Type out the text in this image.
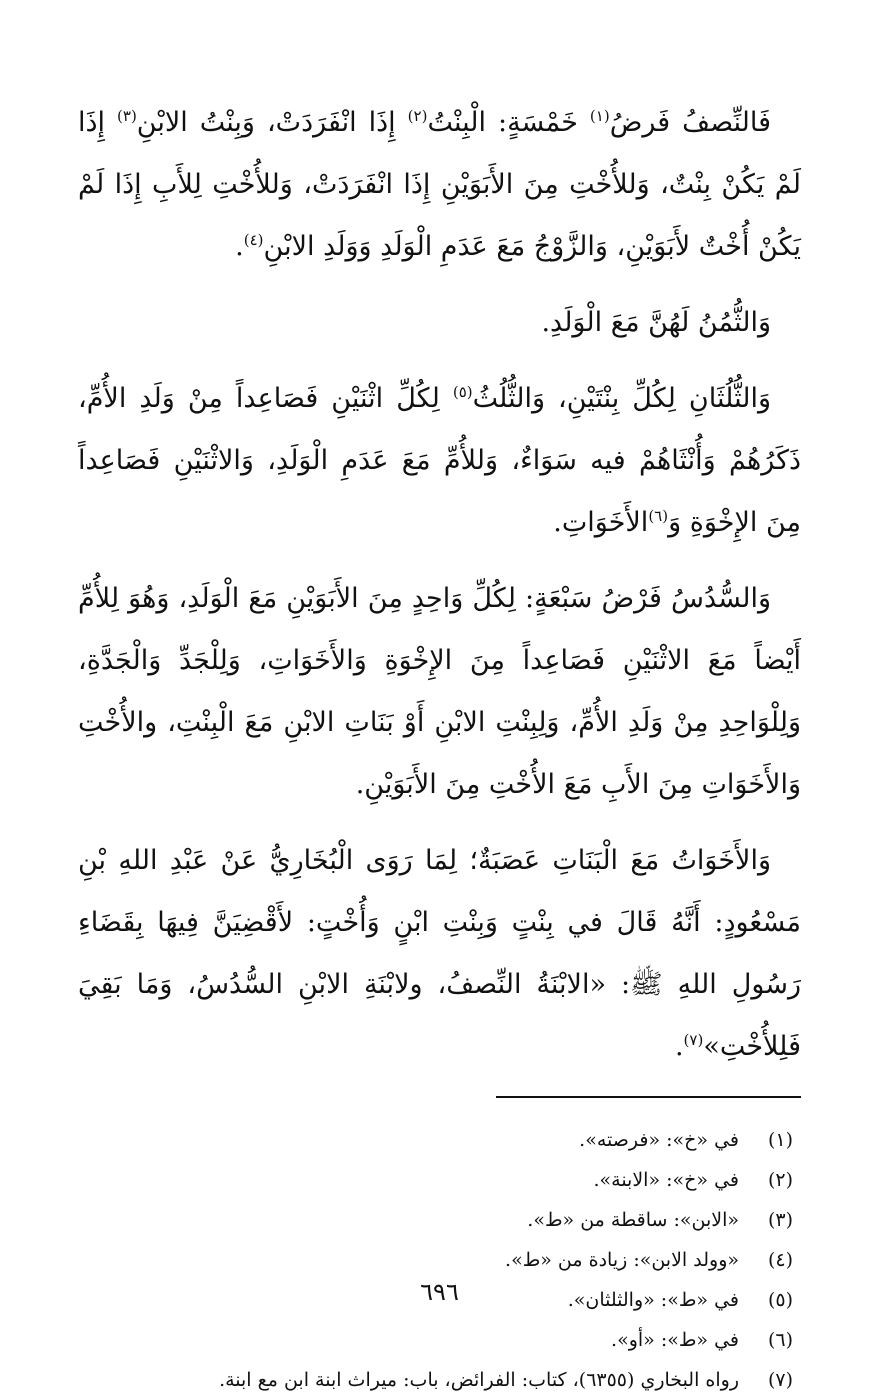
فَالنِّصفُ فَرضُ$^{(١)}$ خَمْسَةٍ: الْبِنْتُ$^{(٢)}$ إِذَا انْفَرَدَتْ، وَبِنْتُ الابْنِ$^{(٣)}$ إِذَا لَمْ يَكُنْ بِنْتٌ، وَللأُخْتِ مِنَ الأَبَوَيْنِ إِذَا انْفَرَدَتْ، وَللأُخْتِ لِلأَبِ إِذَا لَمْ يَكُنْ أُخْتٌ لأَبَوَيْنِ، وَالزَّوْجُ مَعَ عَدَمِ الْوَلَدِ وَوَلَدِ الابْنِ$^{(٤)}$.

وَالثُّمُنُ لَهُنَّ مَعَ الْوَلَدِ.

وَالثُّلُثَانِ لِكُلِّ بِنْتَيْنِ، وَالثُّلُثُ$^{(٥)}$ لِكُلِّ اثْنَيْنِ فَصَاعِداً مِنْ وَلَدِ الأُمِّ، ذَكَرُهُمْ وَأُنْثَاهُمْ فيه سَوَاءٌ، وَللأُمِّ مَعَ عَدَمِ الْوَلَدِ، وَالاثْنَيْنِ فَصَاعِداً مِنَ الإِخْوَةِ وَ$^{(٦)}$الأَخَوَاتِ.

وَالسُّدُسُ فَرْضُ سَبْعَةٍ: لِكُلِّ وَاحِدٍ مِنَ الأَبَوَيْنِ مَعَ الْوَلَدِ، وَهُوَ لِلأُمِّ أَيْضاً مَعَ الاثْنَيْنِ فَصَاعِداً مِنَ الإِخْوَةِ وَالأَخَوَاتِ، وَلِلْجَدِّ وَالْجَدَّةِ، وَلِلْوَاحِدِ مِنْ وَلَدِ الأُمِّ، وَلِبِنْتِ الابْنِ أَوْ بَنَاتِ الابْنِ مَعَ الْبِنْتِ، والأُخْتِ وَالأَخَوَاتِ مِنَ الأَبِ مَعَ الأُخْتِ مِنَ الأَبَوَيْنِ.

وَالأَخَوَاتُ مَعَ الْبَنَاتِ عَصَبَةٌ؛ لِمَا رَوَى الْبُخَارِيُّ عَنْ عَبْدِ اللهِ بْنِ مَسْعُودٍ: أَنَّهُ قَالَ في بِنْتٍ وَبِنْتِ ابْنٍ وَأُخْتٍ: لأَقْضِيَنَّ فِيهَا بِقَضَاءِ رَسُولِ اللهِ ﷺ: «الابْنَةُ النِّصفُ، ولابْنَةِ الابْنِ السُّدُسُ، وَمَا بَقِيَ فَلِلأُخْتِ»$^{(٧)}$.

(١)
في «خ»: «فرصته».
(٢)
في «خ»: «الابنة».
(٣)
«الابن»: ساقطة من «ط».
(٤)
«وولد الابن»: زيادة من «ط».
(٥)
في «ط»: «والثلثان».
(٦)
في «ط»: «أو».
(٧)
رواه البخاري (٦٣٥٥)، كتاب: الفرائض، باب: ميراث ابنة ابن مع ابنة.
٦٩٦
